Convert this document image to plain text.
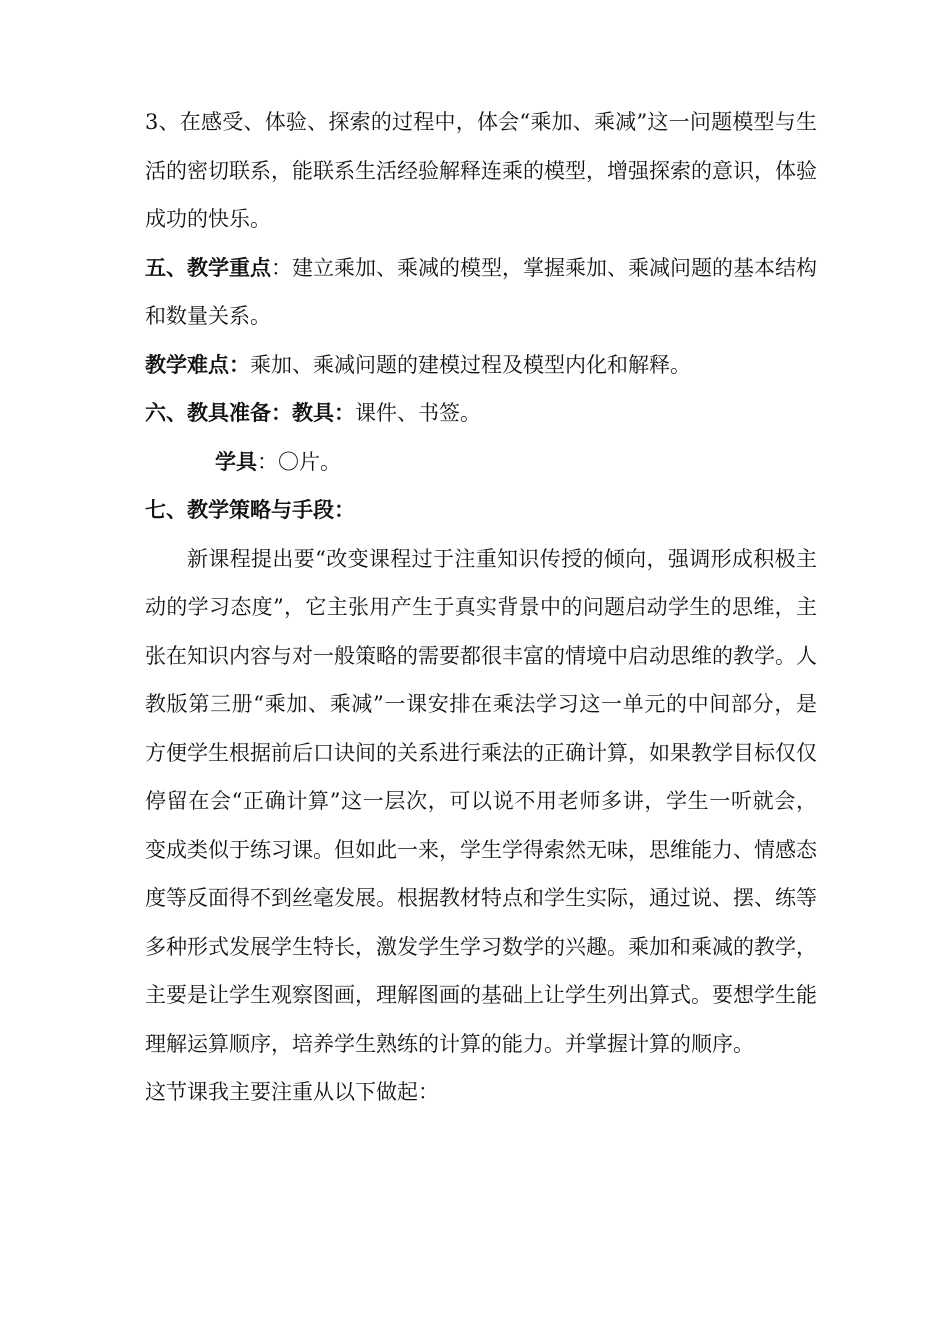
3、在感受、体验、探索的过程中，体会“乘加、乘减”这一问题模型与生活的密切联系，能联系生活经验解释连乘的模型，增强探索的意识，体验成功的快乐。

五、教学重点：建立乘加、乘减的模型，掌握乘加、乘减问题的基本结构和数量关系。

教学难点：乘加、乘减问题的建模过程及模型内化和解释。

六、教具准备：教具：课件、书签。

学具：〇片。

七、教学策略与手段：

新课程提出要“改变课程过于注重知识传授的倾向，强调形成积极主动的学习态度”，它主张用产生于真实背景中的问题启动学生的思维，主张在知识内容与对一般策略的需要都很丰富的情境中启动思维的教学。人教版第三册“乘加、乘减”一课安排在乘法学习这一单元的中间部分，是方便学生根据前后口诀间的关系进行乘法的正确计算，如果教学目标仅仅停留在会“正确计算”这一层次，可以说不用老师多讲，学生一听就会，变成类似于练习课。但如此一来，学生学得索然无味，思维能力、情感态度等反面得不到丝毫发展。根据教材特点和学生实际，通过说、摆、练等多种形式发展学生特长，激发学生学习数学的兴趣。乘加和乘减的教学，主要是让学生观察图画，理解图画的基础上让学生列出算式。要想学生能理解运算顺序，培养学生熟练的计算的能力。并掌握计算的顺序。

这节课我主要注重从以下做起：
